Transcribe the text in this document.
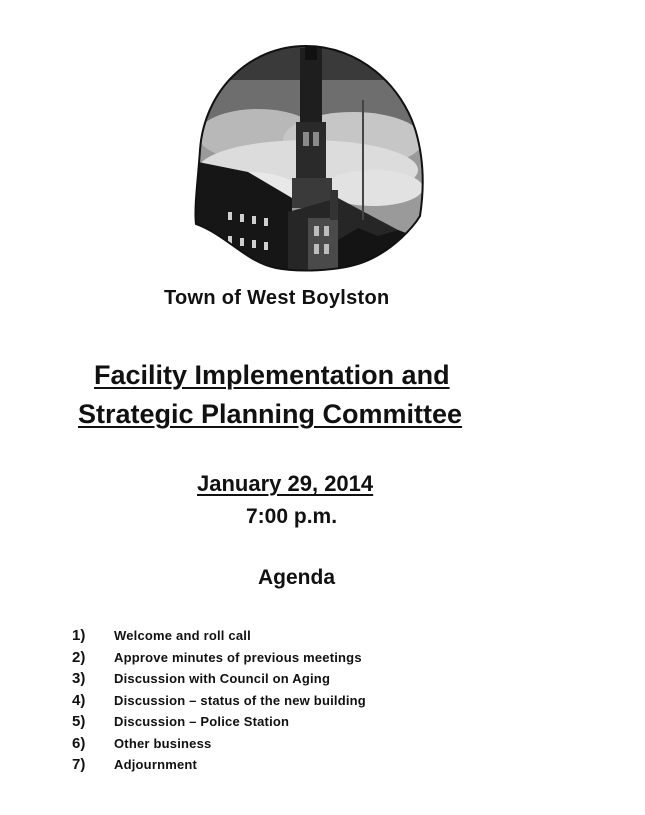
Town of West Boylston
Facility Implementation and
Strategic Planning Committee
January 29, 2014
7:00 p.m.
Agenda
1) Welcome and roll call
2) Approve minutes of previous meetings
3) Discussion with Council on Aging
4) Discussion – status of the new building
5) Discussion – Police Station
6) Other business
7) Adjournment
